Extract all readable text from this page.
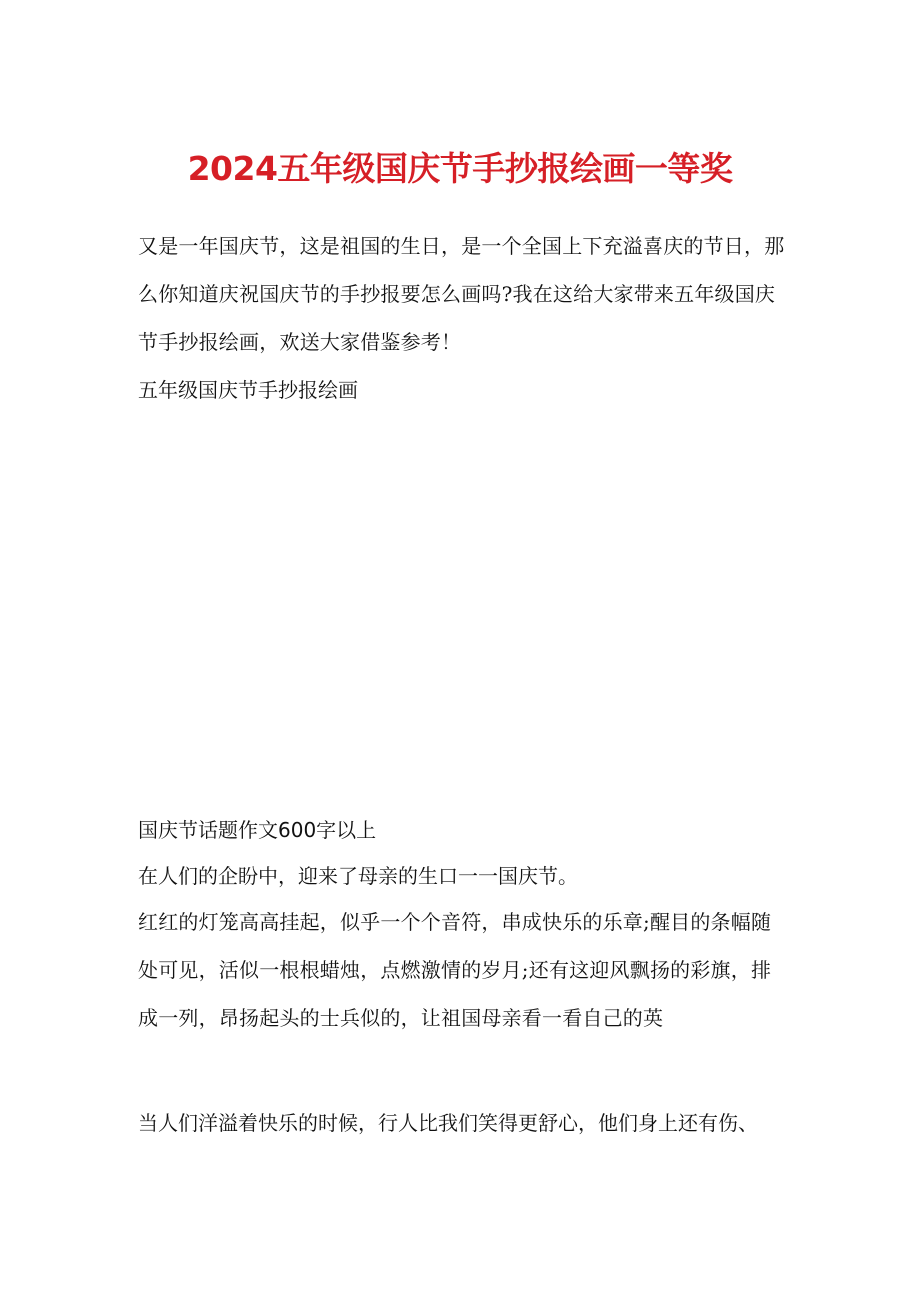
2024五年级国庆节手抄报绘画一等奖
又是一年国庆节，这是祖国的生日，是一个全国上下充溢喜庆的节日，那么你知道庆祝国庆节的手抄报要怎么画吗?我在这给大家带来五年级国庆节手抄报绘画，欢送大家借鉴参考！
五年级国庆节手抄报绘画
国庆节话题作文600字以上
在人们的企盼中，迎来了母亲的生口一一国庆节。
红红的灯笼高高挂起，似乎一个个音符，串成快乐的乐章;醒目的条幅随处可见，活似一根根蜡烛，点燃激情的岁月;还有这迎风飘扬的彩旗，排成一列，昂扬起头的士兵似的，让祖国母亲看一看自己的英
当人们洋溢着快乐的时候，行人比我们笑得更舒心，他们身上还有伤、
